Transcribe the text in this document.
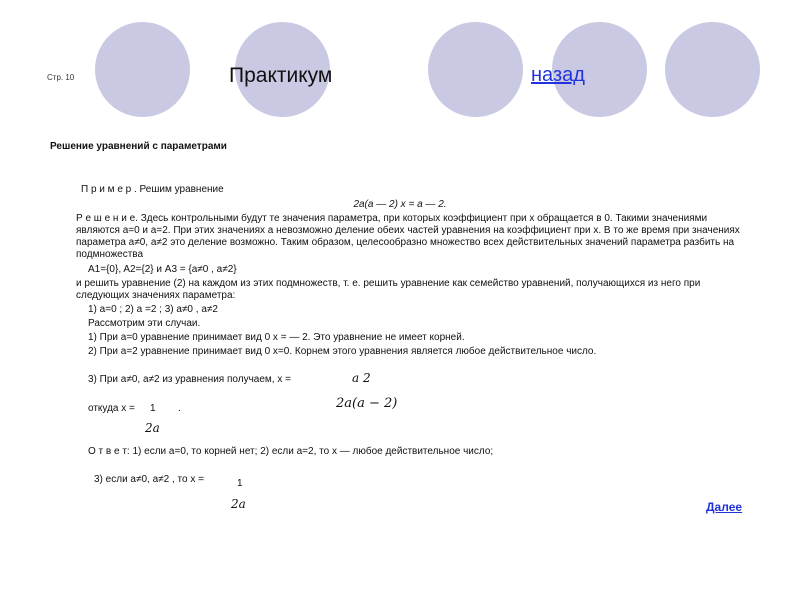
Стр. 10	Практикум	назад
Решение уравнений с параметрами
П р и м е р . Решим уравнение
2a(a — 2) x = a — 2.
Р е ш е н и е. Здесь контрольными будут те значения параметра, при которых коэффициент при x обращается в 0. Такими значениями являются a=0 и a=2. При этих значениях a невозможно деление обеих частей уравнения на коэффициент при x. В то же время при значениях параметра a≠0, a≠2 это деление возможно. Таким образом, целесообразно множество всех действительных значений параметра разбить на подмножества
A1={0}, A2={2} и A3 = {a≠0 , a≠2}
и решить уравнение (2) на каждом из этих подмножеств, т. е. решить уравнение как семейство уравнений, получающихся из него при следующих значениях параметра:
1) a=0 ; 2) a =2 ; 3) a≠0 , a≠2
Рассмотрим эти случаи.
1) При a=0 уравнение принимает вид 0 x = — 2. Это уравнение не имеет корней.
2) При a=2 уравнение принимает вид 0 x=0. Корнем этого уравнения является любое действительное число.
3) При a≠0, a≠2 из уравнения получаем, x =	a 2
2a(a − 2)
откуда x = 1 .
2a
О т в е т: 1) если a=0, то корней нет; 2) если a=2, то x — любое действительное число;
3) если a≠0, a≠2 , то x =	1
2a	Далее
